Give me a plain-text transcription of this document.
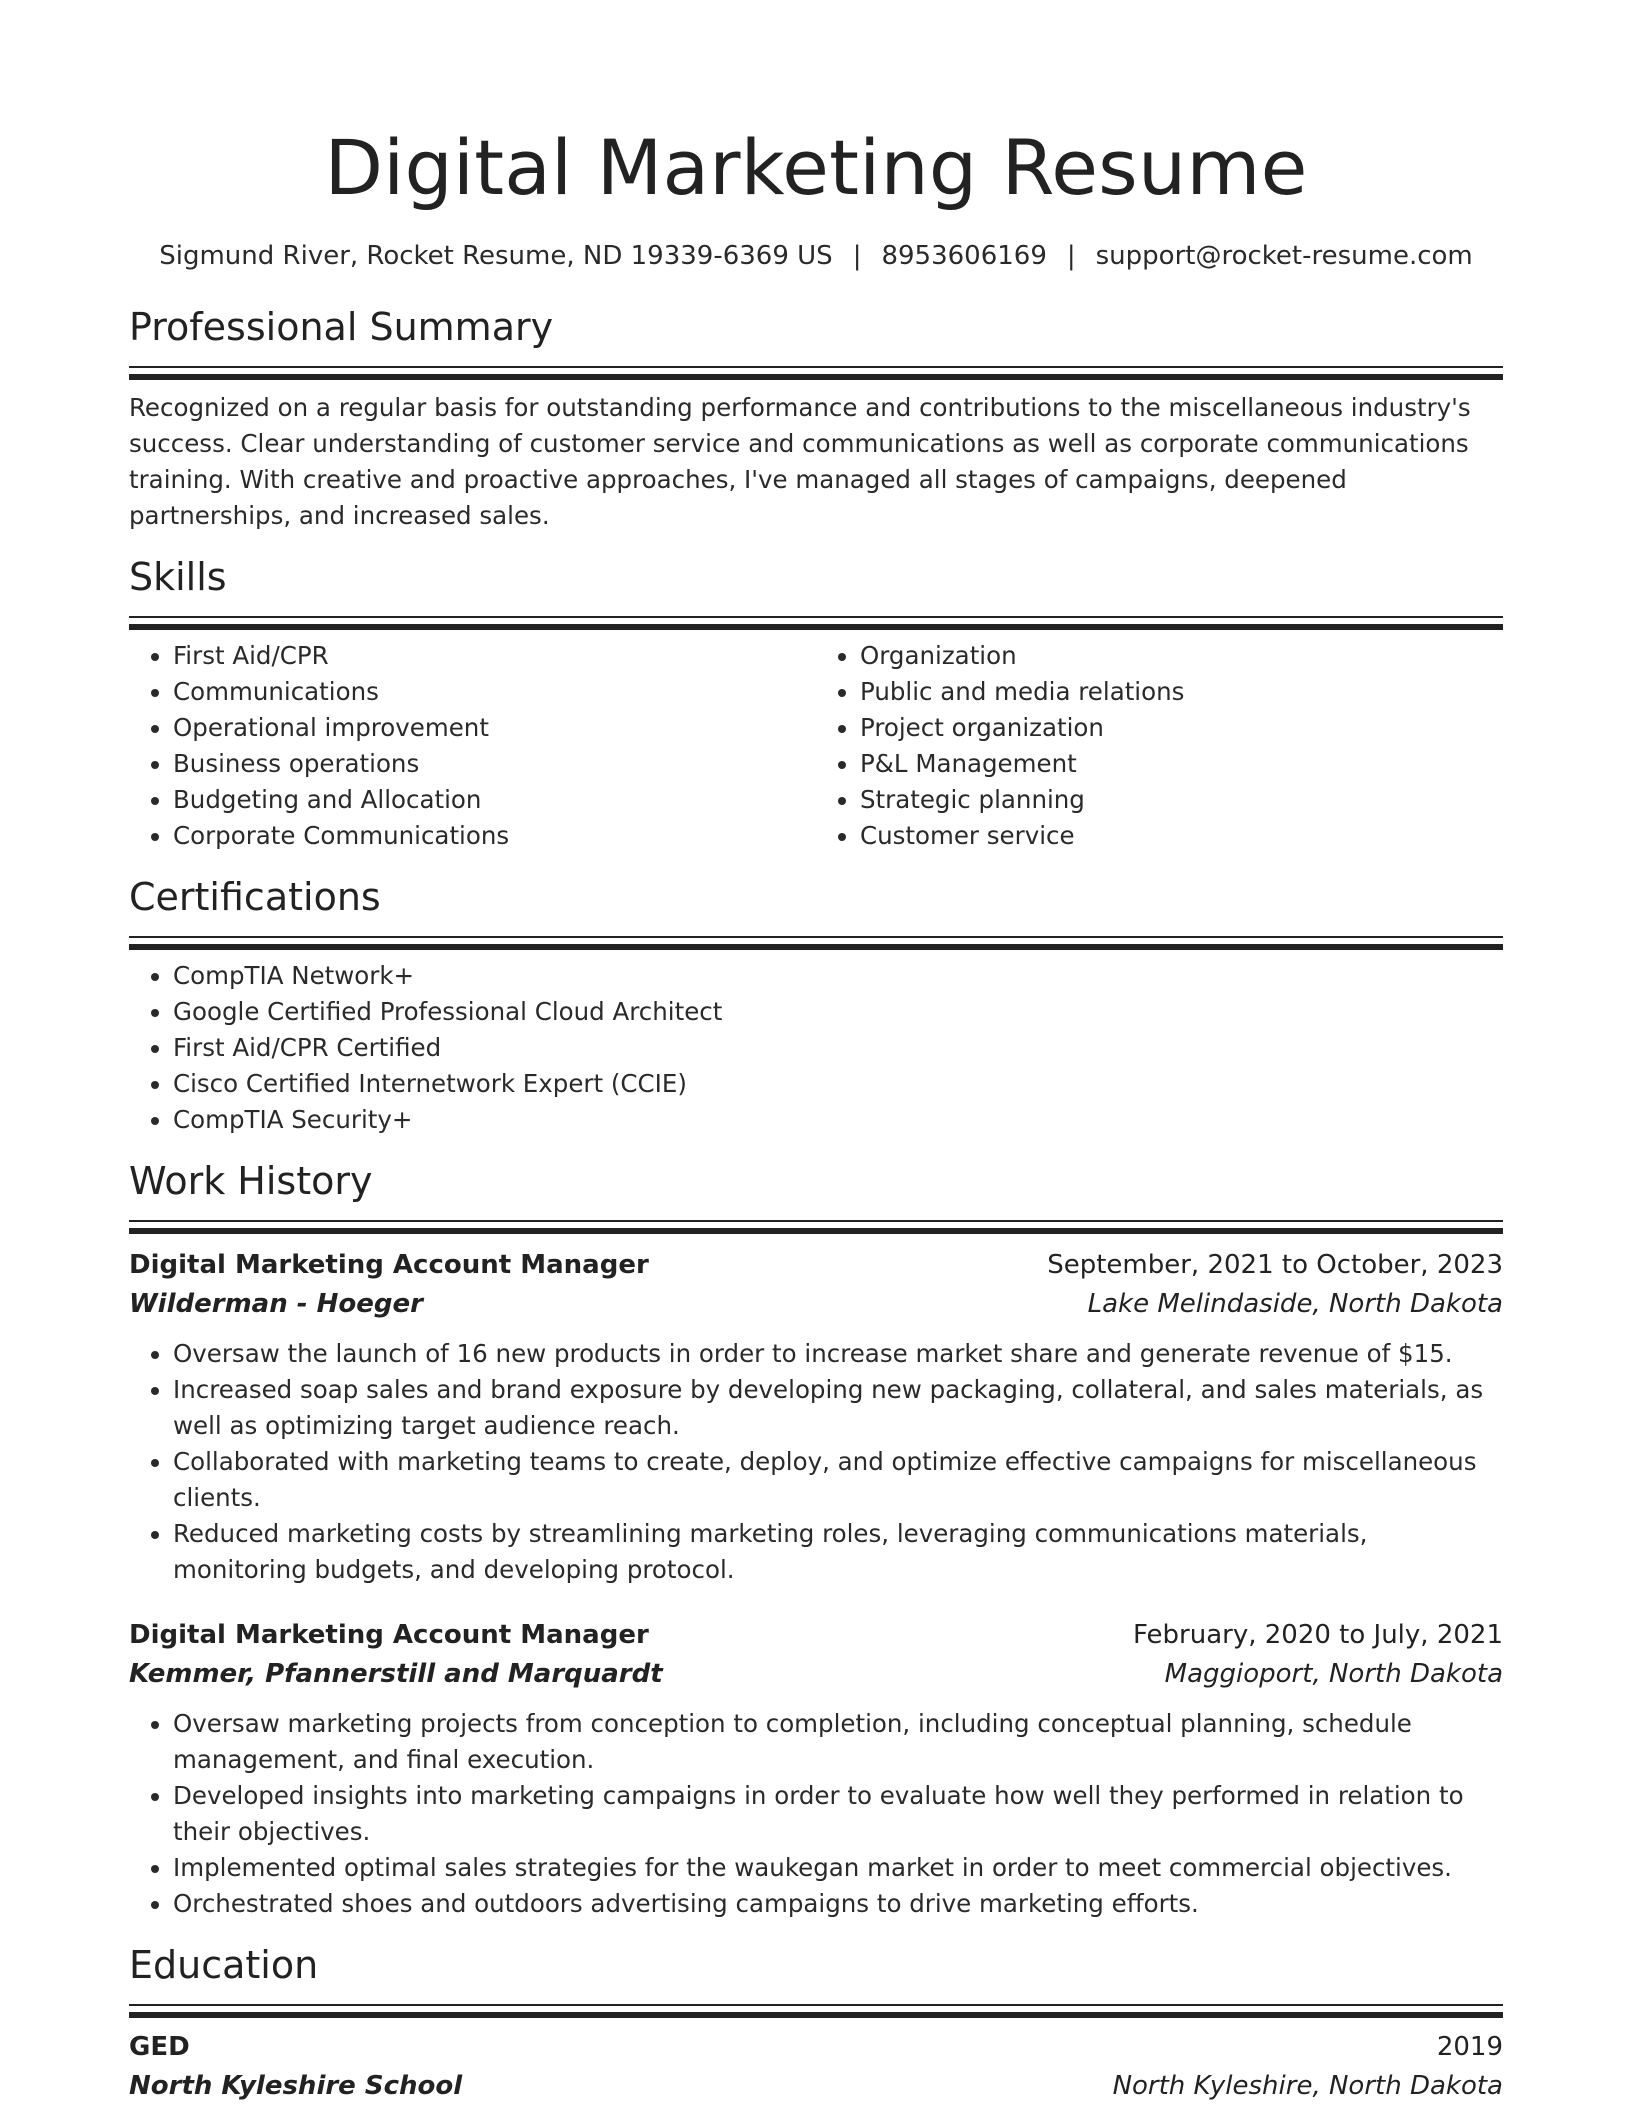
Digital Marketing Resume
Sigmund River, Rocket Resume, ND 19339-6369 US | 8953606169 | support@rocket-resume.com
Professional Summary

Recognized on a regular basis for outstanding performance and contributions to the miscellaneous industry's success. Clear understanding of customer service and communications as well as corporate communications training. With creative and proactive approaches, I've managed all stages of campaigns, deepened partnerships, and increased sales.

Skills
• First Aid/CPR
• Communications
• Operational improvement
• Business operations
• Budgeting and Allocation
• Corporate Communications
• Organization
• Public and media relations
• Project organization
• P&L Management
• Strategic planning
• Customer service
Certifications
• CompTIA Network+
• Google Certified Professional Cloud Architect
• First Aid/CPR Certified
• Cisco Certified Internetwork Expert (CCIE)
• CompTIA Security+
Work History
Digital Marketing Account Manager	September, 2021 to October, 2023
Wilderman - Hoeger	Lake Melindaside, North Dakota
• Oversaw the launch of 16 new products in order to increase market share and generate revenue of $15.
• Increased soap sales and brand exposure by developing new packaging, collateral, and sales materials, as well as optimizing target audience reach.
• Collaborated with marketing teams to create, deploy, and optimize effective campaigns for miscellaneous clients.
• Reduced marketing costs by streamlining marketing roles, leveraging communications materials, monitoring budgets, and developing protocol.
Digital Marketing Account Manager	February, 2020 to July, 2021
Kemmer, Pfannerstill and Marquardt	Maggioport, North Dakota
• Oversaw marketing projects from conception to completion, including conceptual planning, schedule management, and final execution.
• Developed insights into marketing campaigns in order to evaluate how well they performed in relation to their objectives.
• Implemented optimal sales strategies for the waukegan market in order to meet commercial objectives.
• Orchestrated shoes and outdoors advertising campaigns to drive marketing efforts.
Education
GED	2019
North Kyleshire School	North Kyleshire, North Dakota
